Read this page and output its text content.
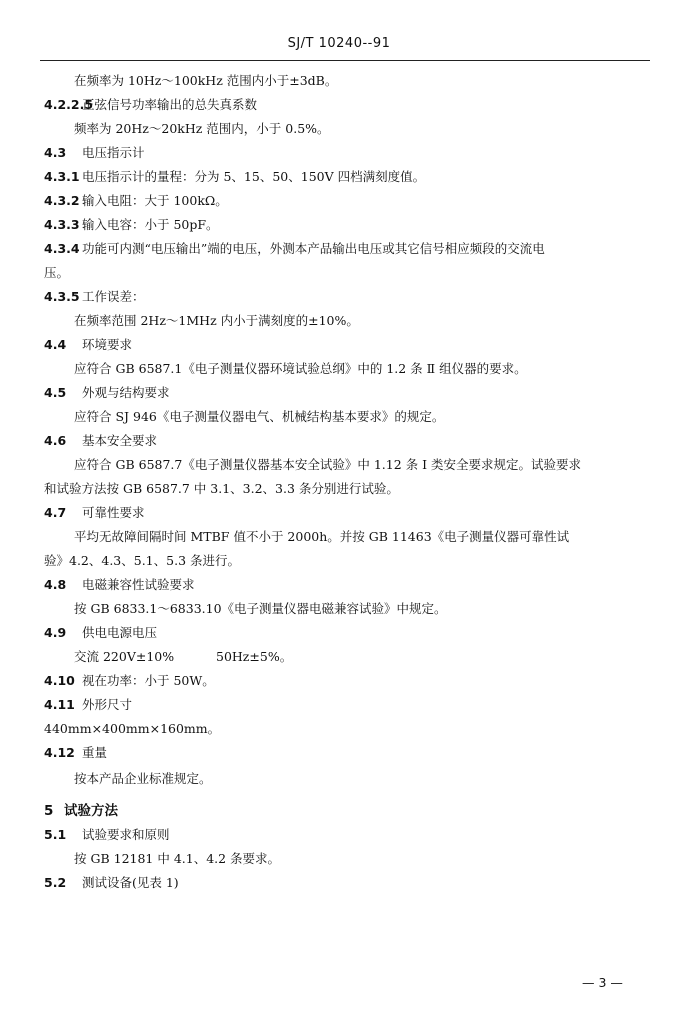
SJ/T 10240--91
在频率为 10Hz～100kHz 范围内小于±3dB。
4.2.2.5
正弦信号功率输出的总失真系数
频率为 20Hz～20kHz 范围内，小于 0.5%。
4.3 电压指示计
4.3.1 电压指示计的量程：分为 5、15、50、150V 四档满刻度值。
4.3.2 输入电阻：大于 100kΩ。
4.3.3 输入电容：小于 50pF。
4.3.4 功能可内测“电压输出”端的电压，外测本产品输出电压或其它信号相应频段的交流电
压。
4.3.5 工作误差：
在频率范围 2Hz～1MHz 内小于满刻度的±10%。
4.4 环境要求
应符合 GB 6587.1《电子测量仪器环境试验总纲》中的 1.2 条 Ⅱ 组仪器的要求。
4.5 外观与结构要求
应符合 SJ 946《电子测量仪器电气、机械结构基本要求》的规定。
4.6 基本安全要求
应符合 GB 6587.7《电子测量仪器基本安全试验》中 1.12 条 Ⅰ 类安全要求规定。试验要求
和试验方法按 GB 6587.7 中 3.1、3.2、3.3 条分别进行试验。
4.7 可靠性要求
平均无故障间隔时间 MTBF 值不小于 2000h。并按 GB 11463《电子测量仪器可靠性试
验》4.2、4.3、5.1、5.3 条进行。
4.8 电磁兼容性试验要求
按 GB 6833.1～6833.10《电子测量仪器电磁兼容试验》中规定。
4.9 供电电源电压
交流 220V±10%	50Hz±5%。
4.10 视在功率：小于 50W。
4.11 外形尺寸
440mm×400mm×160mm。
4.12 重量
按本产品企业标准规定。
5 试验方法
5.1 试验要求和原则
按 GB 12181 中 4.1、4.2 条要求。
5.2 测试设备(见表 1)
— 3 —
